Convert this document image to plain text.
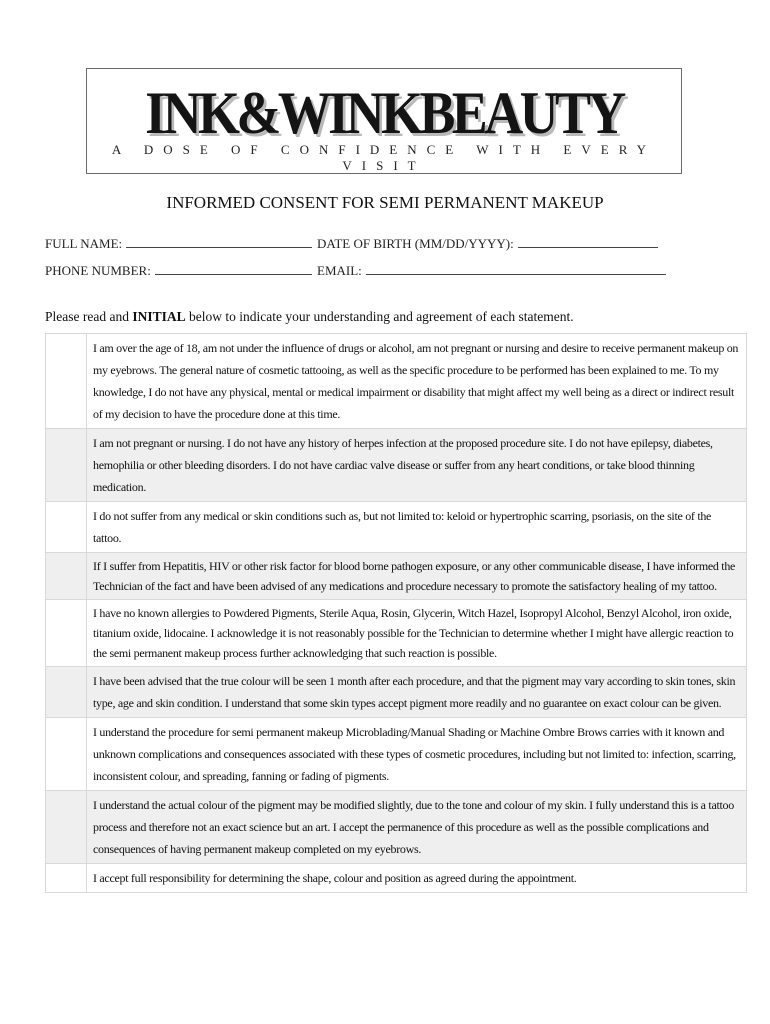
INK&WINKBEAUTY
A DOSE OF CONFIDENCE WITH EVERY VISIT
INFORMED CONSENT FOR SEMI PERMANENT MAKEUP
FULL NAME:	DATE OF BIRTH (MM/DD/YYYY):
PHONE NUMBER:	EMAIL:
Please read and INITIAL below to indicate your understanding and agreement of each statement.
	I am over the age of 18, am not under the influence of drugs or alcohol, am not pregnant or nursing and desire to receive permanent makeup on my eyebrows. The general nature of cosmetic tattooing, as well as the specific procedure to be performed has been explained to me. To my knowledge, I do not have any physical, mental or medical impairment or disability that might affect my well being as a direct or indirect result of my decision to have the procedure done at this time.
	I am not pregnant or nursing. I do not have any history of herpes infection at the proposed procedure site. I do not have epilepsy, diabetes, hemophilia or other bleeding disorders. I do not have cardiac valve disease or suffer from any heart conditions, or take blood thinning medication.
	I do not suffer from any medical or skin conditions such as, but not limited to: keloid or hypertrophic scarring, psoriasis, on the site of the tattoo.
	If I suffer from Hepatitis, HIV or other risk factor for blood borne pathogen exposure, or any other communicable disease, I have informed the Technician of the fact and have been advised of any medications and procedure necessary to promote the satisfactory healing of my tattoo.
	I have no known allergies to Powdered Pigments, Sterile Aqua, Rosin, Glycerin, Witch Hazel, Isopropyl Alcohol, Benzyl Alcohol, iron oxide, titanium oxide, lidocaine. I acknowledge it is not reasonably possible for the Technician to determine whether I might have allergic reaction to the semi permanent makeup process further acknowledging that such reaction is possible.
	I have been advised that the true colour will be seen 1 month after each procedure, and that the pigment may vary according to skin tones, skin type, age and skin condition. I understand that some skin types accept pigment more readily and no guarantee on exact colour can be given.
	I understand the procedure for semi permanent makeup Microblading/Manual Shading or Machine Ombre Brows carries with it known and unknown complications and consequences associated with these types of cosmetic procedures, including but not limited to: infection, scarring, inconsistent colour, and spreading, fanning or fading of pigments.
	I understand the actual colour of the pigment may be modified slightly, due to the tone and colour of my skin. I fully understand this is a tattoo process and therefore not an exact science but an art. I accept the permanence of this procedure as well as the possible complications and consequences of having permanent makeup completed on my eyebrows.
	I accept full responsibility for determining the shape, colour and position as agreed during the appointment.
